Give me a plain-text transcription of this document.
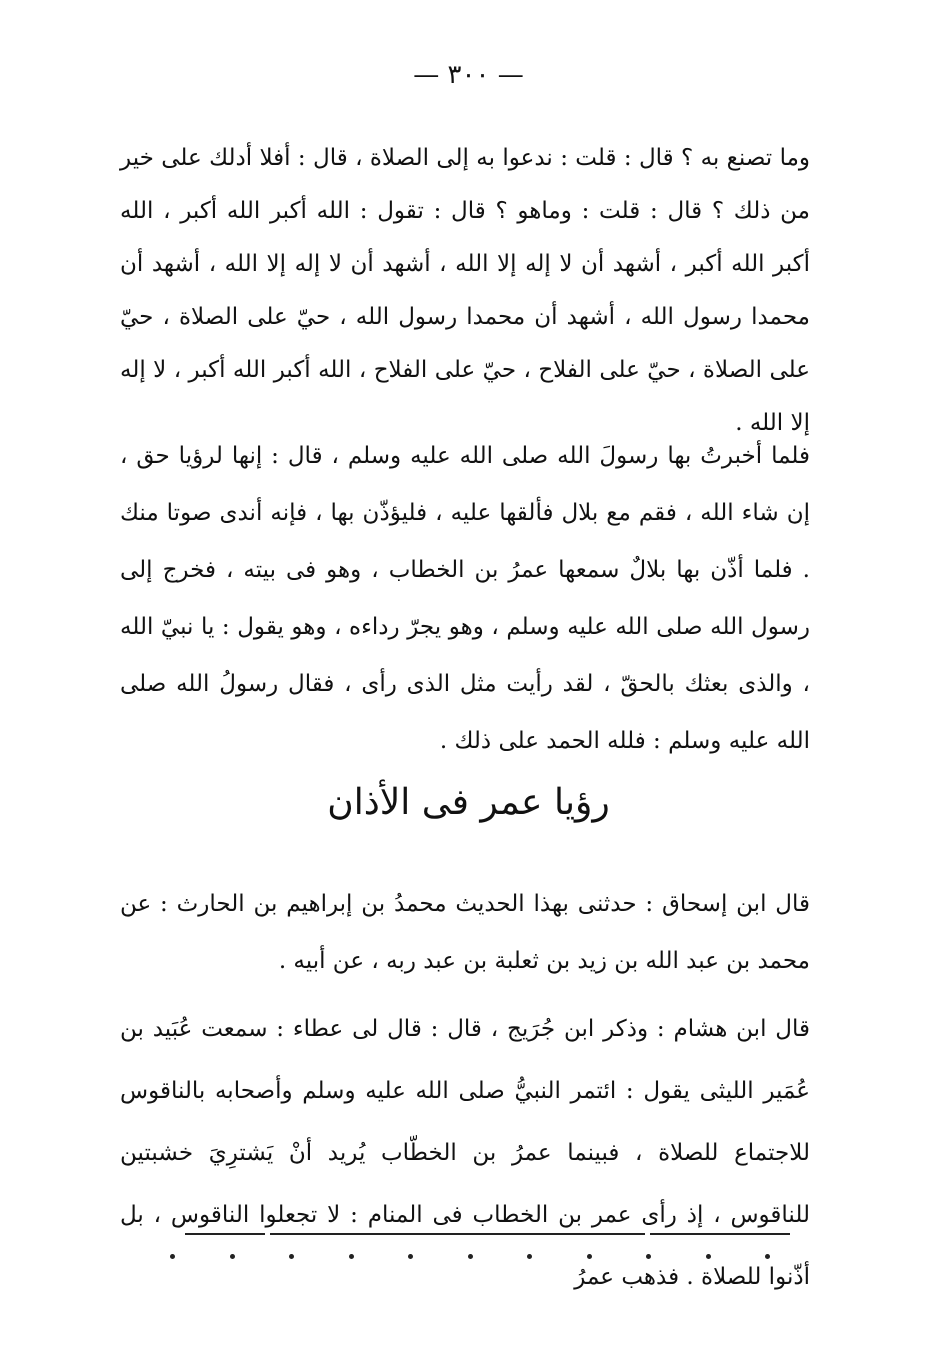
— ٣٠٠ —

وما تصنع به ؟ قال : قلت : ندعوا به إلى الصلاة ، قال : أفلا أدلك على خير من ذلك ؟ قال : قلت : وماهو ؟ قال : تقول : الله أكبر الله أكبر ، الله أكبر الله أكبر ، أشهد أن لا إله إلا الله ، أشهد أن لا إله إلا الله ، أشهد أن محمدا رسول الله ، أشهد أن محمدا رسول الله ، حيّ على الصلاة ، حيّ على الصلاة ، حيّ على الفلاح ، حيّ على الفلاح ، الله أكبر الله أكبر ، لا إله إلا الله .

فلما أخبرتُ بها رسولَ الله صلى الله عليه وسلم ، قال : إنها لرؤيا حق ، إن شاء الله ، فقم مع بلال فألقها عليه ، فليؤذّن بها ، فإنه أندى صوتا منك . فلما أذّن بها بلالٌ سمعها عمرُ بن الخطاب ، وهو فى بيته ، فخرج إلى رسول الله صلى الله عليه وسلم ، وهو يجرّ رداءه ، وهو يقول : يا نبيّ الله ، والذى بعثك بالحقّ ، لقد رأيت مثل الذى رأى ، فقال رسولُ الله صلى الله عليه وسلم : فلله الحمد على ذلك .

رؤيا عمر فى الأذان

قال ابن إسحاق : حدثنى بهذا الحديث محمدُ بن إبراهيم بن الحارث : عن محمد بن عبد الله بن زيد بن ثعلبة بن عبد ربه ، عن أبيه .

قال ابن هشام : وذكر ابن جُرَيج ، قال : قال لى عطاء : سمعت عُبَيد بن عُمَير الليثى يقول : ائتمر النبيُّ صلى الله عليه وسلم وأصحابه بالناقوس للاجتماع للصلاة ، فبينما عمرُ بن الخطّاب يُريد أنْ يَشترِيَ خشبتين للناقوس ، إذ رأى عمر بن الخطاب فى المنام : لا تجعلوا الناقوس ، بل أذّنوا للصلاة . فذهب عمرُ
